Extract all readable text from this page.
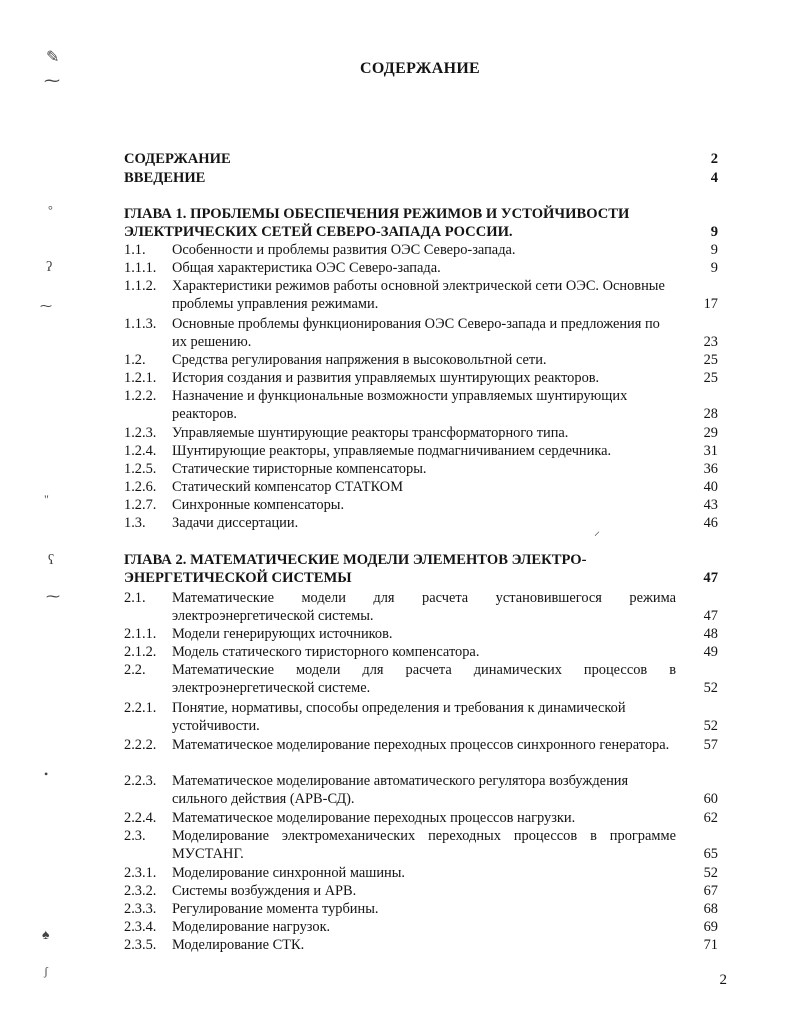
СОДЕРЖАНИЕ
СОДЕРЖАНИЕ	2
ВВЕДЕНИЕ	4
ГЛАВА 1. ПРОБЛЕМЫ ОБЕСПЕЧЕНИЯ РЕЖИМОВ И УСТОЙЧИВОСТИ ЭЛЕКТРИЧЕСКИХ СЕТЕЙ СЕВЕРО-ЗАПАДА РОССИИ.	9
1.1. Особенности и проблемы развития ОЭС Северо-запада.	9
1.1.1. Общая характеристика ОЭС Северо-запада.	9
1.1.2. Характеристики режимов работы основной электрической сети ОЭС. Основные проблемы управления режимами.	17
1.1.3. Основные проблемы функционирования ОЭС Северо-запада и предложения по их решению.	23
1.2. Средства регулирования напряжения в высоковольтной сети.	25
1.2.1. История создания и развития управляемых шунтирующих реакторов.	25
1.2.2. Назначение и функциональные возможности управляемых шунтирующих реакторов.	28
1.2.3. Управляемые шунтирующие реакторы трансформаторного типа.	29
1.2.4. Шунтирующие реакторы, управляемые подмагничиванием сердечника.	31
1.2.5. Статические тиристорные компенсаторы.	36
1.2.6. Статический компенсатор СТАТКОМ	40
1.2.7. Синхронные компенсаторы.	43
1.3. Задачи диссертации.	46
ГЛАВА 2. МАТЕМАТИЧЕСКИЕ МОДЕЛИ ЭЛЕМЕНТОВ ЭЛЕКТРО-ЭНЕРГЕТИЧЕСКОЙ СИСТЕМЫ	47
2.1. Математические модели для расчета установившегося режима электроэнергетической системы.	47
2.1.1. Модели генерирующих источников.	48
2.1.2. Модель статического тиристорного компенсатора.	49
2.2. Математические модели для расчета динамических процессов в электроэнергетической системе.	52
2.2.1. Понятие, нормативы, способы определения и требования к динамической устойчивости.	52
2.2.2. Математическое моделирование переходных процессов синхронного генератора.	57
2.2.3. Математическое моделирование автоматического регулятора возбуждения сильного действия (АРВ-СД).	60
2.2.4. Математическое моделирование переходных процессов нагрузки.	62
2.3. Моделирование электромеханических переходных процессов в программе МУСТАНГ.	65
2.3.1. Моделирование синхронной машины.	52
2.3.2. Системы возбуждения и АРВ.	67
2.3.3. Регулирование момента турбины.	68
2.3.4. Моделирование нагрузок.	69
2.3.5. Моделирование СТК.	71
2
✎
⁓
°
ʔ
⁓
"
ʕ
⁓
•
♠
ʃ
⸝
